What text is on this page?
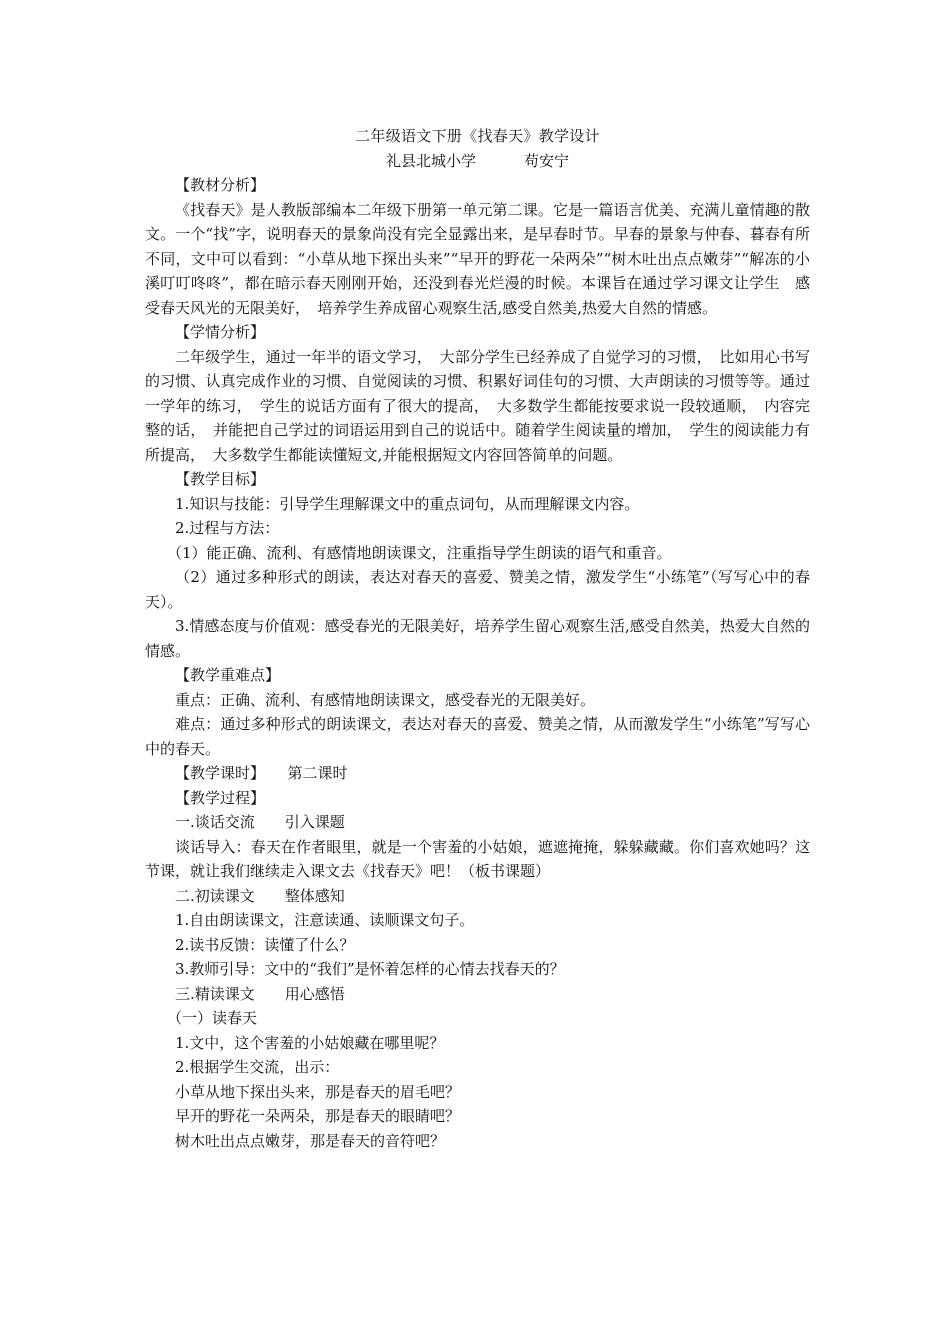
二年级语文下册《找春天》教学设计
礼县北城小学	苟安宁
【教材分析】

《找春天》是人教版部编本二年级下册第一单元第二课。它是一篇语言优美、充满儿童情趣的散文。一个“找”字，说明春天的景象尚没有完全显露出来，是早春时节。早春的景象与仲春、暮春有所不同，文中可以看到：“小草从地下探出头来”“早开的野花一朵两朵”“树木吐出点点嫩芽”“解冻的小溪叮叮咚咚”，都在暗示春天刚刚开始，还没到春光烂漫的时候。本课旨在通过学习课文让学生　感受春天风光的无限美好，　培养学生养成留心观察生活,感受自然美,热爱大自然的情感。

【学情分析】

二年级学生，通过一年半的语文学习，　大部分学生已经养成了自觉学习的习惯，　比如用心书写的习惯、认真完成作业的习惯、自觉阅读的习惯、积累好词佳句的习惯、大声朗读的习惯等等。通过一学年的练习，　学生的说话方面有了很大的提高，　大多数学生都能按要求说一段较通顺，　内容完整的话，　并能把自己学过的词语运用到自己的说话中。随着学生阅读量的增加，　学生的阅读能力有所提高，　大多数学生都能读懂短文,并能根据短文内容回答简单的问题。

【教学目标】
1.知识与技能：引导学生理解课文中的重点词句，从而理解课文内容。
2.过程与方法：
（1）能正确、流利、有感情地朗读课文，注重指导学生朗读的语气和重音。

（2）通过多种形式的朗读，表达对春天的喜爱、赞美之情，激发学生“小练笔”（写写心中的春天）。

3.情感态度与价值观：感受春光的无限美好，培养学生留心观察生活,感受自然美，热爱大自然的情感。

【教学重难点】
重点：正确、流利、有感情地朗读课文，感受春光的无限美好。

难点：通过多种形式的朗读课文，表达对春天的喜爱、赞美之情，从而激发学生“小练笔”写写心中的春天。

【教学课时】　　 第二课时
【教学过程】
一.谈话交流　　引入课题

谈话导入：春天在作者眼里，就是一个害羞的小姑娘，遮遮掩掩，躲躲藏藏。你们喜欢她吗？这节课，就让我们继续走入课文去《找春天》吧！（板书课题）

二.初读课文　　整体感知
1.自由朗读课文，注意读通、读顺课文句子。
2.读书反馈：读懂了什么？
3.教师引导：文中的“我们”是怀着怎样的心情去找春天的？
三.精读课文　　用心感悟
（一）读春天
1.文中，这个害羞的小姑娘藏在哪里呢？
2.根据学生交流，出示：
小草从地下探出头来，那是春天的眉毛吧？
早开的野花一朵两朵，那是春天的眼睛吧？
树木吐出点点嫩芽，那是春天的音符吧？
